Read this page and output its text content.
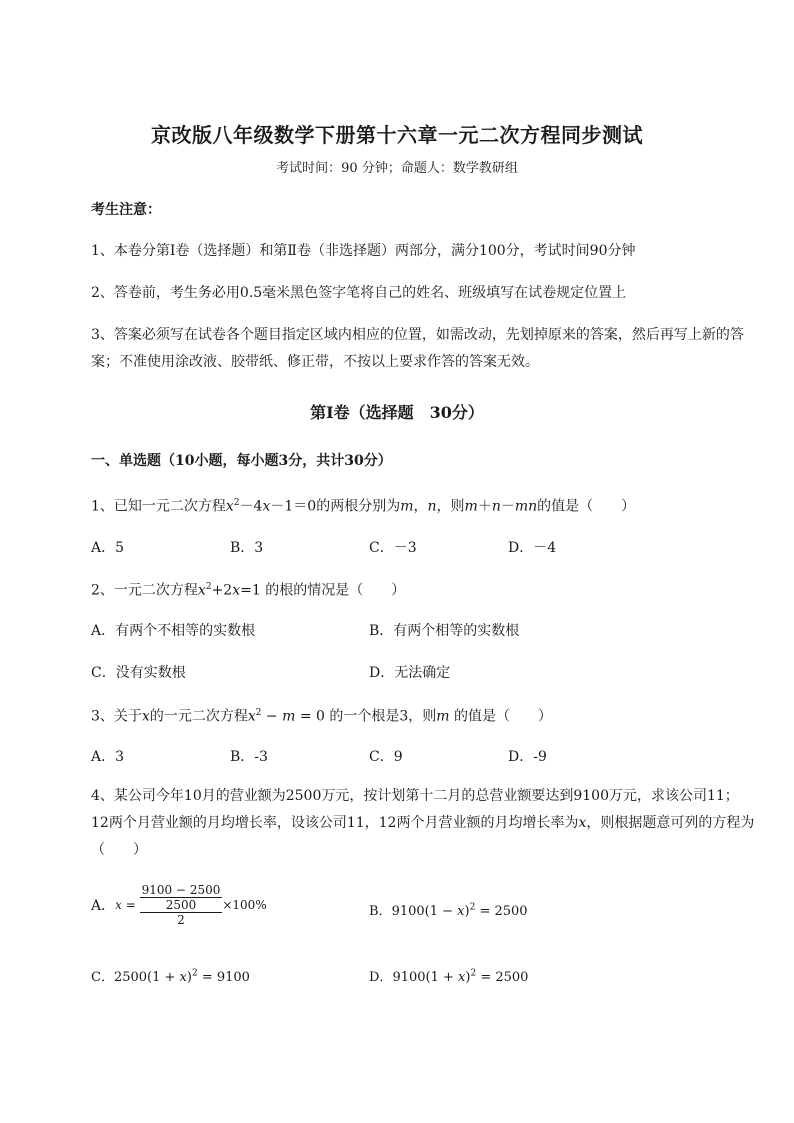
京改版八年级数学下册第十六章一元二次方程同步测试
考试时间：90 分钟；命题人：数学教研组
考生注意：
1、本卷分第I卷（选择题）和第Ⅱ卷（非选择题）两部分，满分100分，考试时间90分钟
2、答卷前，考生务必用0.5毫米黑色签字笔将自己的姓名、班级填写在试卷规定位置上
3、答案必须写在试卷各个题目指定区域内相应的位置，如需改动，先划掉原来的答案，然后再写上新的答案；不准使用涂改液、胶带纸、修正带，不按以上要求作答的答案无效。
第I卷（选择题　30分）
一、单选题（10小题，每小题3分，共计30分）
1、已知一元二次方程$x^2-4x-1=0$的两根分别为m，n，则m＋n－mn的值是（　　）
A．5	B．3	C．－3	D．－4
2、一元二次方程$x^2+2x=1$ 的根的情况是（　　）
A．有两个不相等的实数根	B．有两个相等的实数根
C．没有实数根	D．无法确定
3、关于x的一元二次方程$x^2 - m = 0$ 的一个根是3，则m 的值是（　　）
A．3	B．-3	C．9	D．-9
4、某公司今年10月的营业额为2500万元，按计划第十二月的总营业额要达到9100万元，求该公司11；12两个月营业额的月均增长率，设该公司11，12两个月营业额的月均增长率为x，则根据题意可列的方程为（　　）
A．x = 9100 − 2500
2500
2 ×100%	B．$9100(1 - x)^2 = 2500$
C．$2500(1 + x)^2 = 9100$	D．$9100(1 + x)^2 = 2500$
